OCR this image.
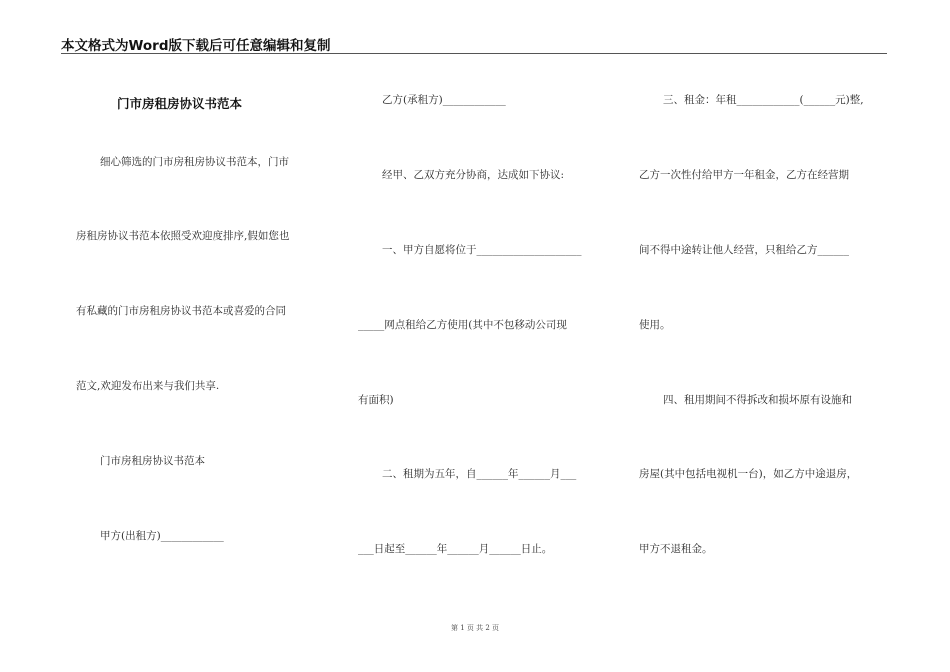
本文格式为Word版下载后可任意编辑和复制
门市房租房协议书范本
细心筛选的门市房租房协议书范本，门市
房租房协议书范本依照受欢迎度排序,假如您也
有私藏的门市房租房协议书范本或喜爱的合同
范文,欢迎发布出来与我们共享.
门市房租房协议书范本
甲方(出租方)____________
乙方(承租方)____________
经甲、乙双方充分协商，达成如下协议:
一、甲方自愿将位于____________________
_____网点租给乙方使用(其中不包移动公司现
有面积)
二、租期为五年，自______年______月___
___日起至______年______月______日止。
三、租金：年租____________(______元)整,
乙方一次性付给甲方一年租金，乙方在经营期
间不得中途转让他人经营，只租给乙方______
使用。
四、租用期间不得拆改和损坏原有设施和
房屋(其中包括电视机一台)，如乙方中途退房，
甲方不退租金。
第 1 页 共 2 页
